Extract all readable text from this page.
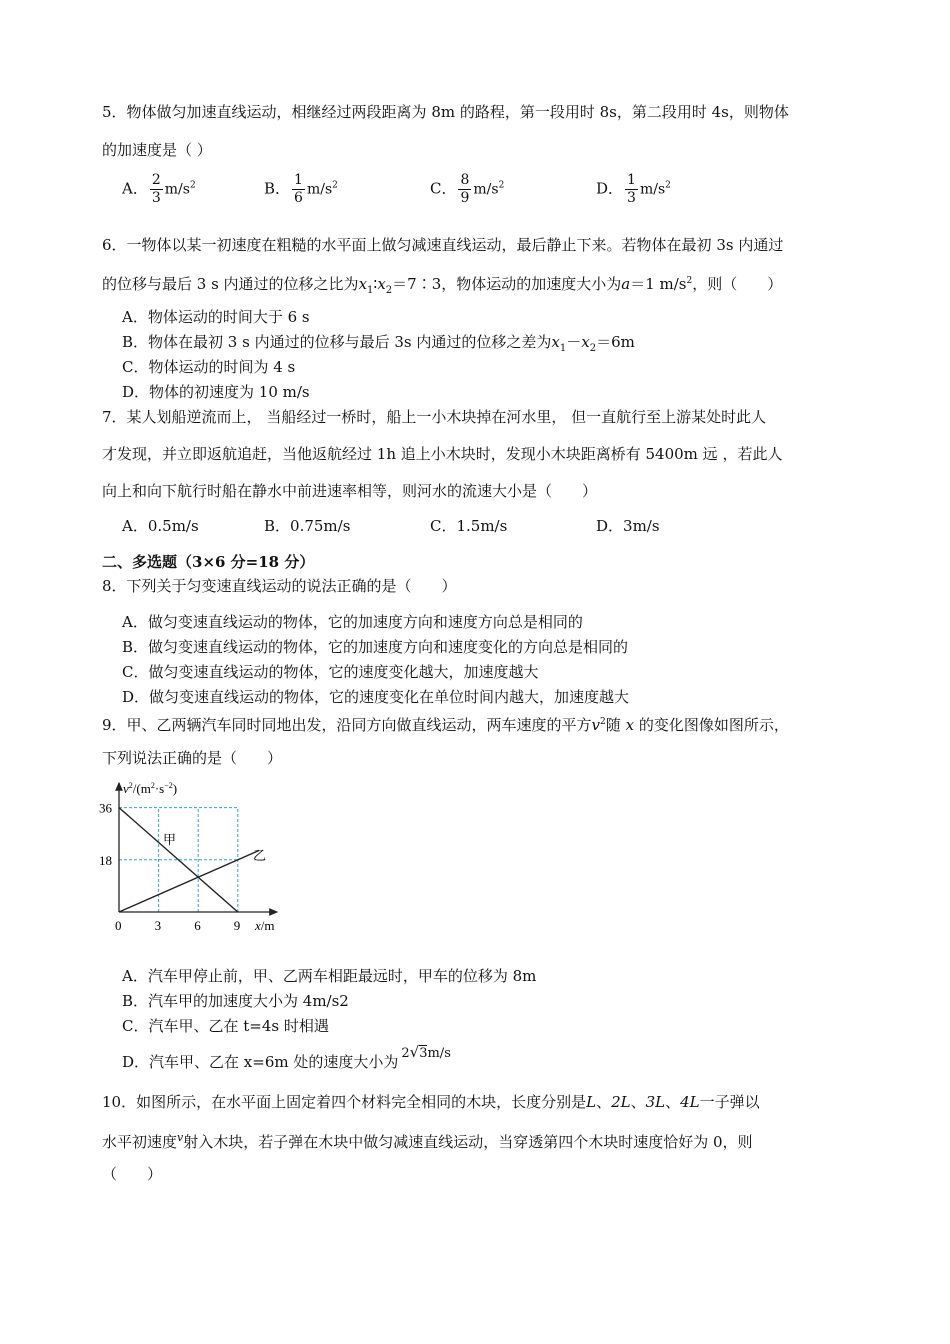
5．物体做匀加速直线运动，相继经过两段距离为 8m 的路程，第一段用时 8s，第二段用时 4s，则物体
的加速度是（ ）
A． $\frac{2}{3} m/s^2$	B． $\frac{1}{6} m/s^2$	C． $\frac{8}{9} m/s^2$	D． $\frac{1}{3} m/s^2$
6．一物体以某一初速度在粗糙的水平面上做匀减速直线运动，最后静止下来。若物体在最初 3s 内通过
的位移与最后 3 s 内通过的位移之比为$x_1∶x_2=7∶3$，物体运动的加速度大小为a＝1 $m/s^2$，则（　　）
A．物体运动的时间大于 6 s
B．物体在最初 3 s 内通过的位移与最后 3s 内通过的位移之差为$x_1-x_2=6m$
C．物体运动的时间为 4 s
D．物体的初速度为 10 m/s
7．某人划船逆流而上， 当船经过一桥时，船上一小木块掉在河水里， 但一直航行至上游某处时此人
才发现，并立即返航追赶，当他返航经过 1h 追上小木块时，发现小木块距离桥有 5400m 远 ，若此人
向上和向下航行时船在静水中前进速率相等，则河水的流速大小是（　　）
A．0.5m/s	B．0.75m/s	C．1.5m/s	D．3m/s
二、多选题（3×6 分=18 分）
8．下列关于匀变速直线运动的说法正确的是（　　）
A．做匀变速直线运动的物体，它的加速度方向和速度方向总是相同的
B．做匀变速直线运动的物体，它的加速度方向和速度变化的方向总是相同的
C．做匀变速直线运动的物体，它的速度变化越大，加速度越大
D．做匀变速直线运动的物体，它的速度变化在单位时间内越大，加速度越大
9．甲、乙两辆汽车同时同地出发，沿同方向做直线运动，两车速度的平方$v^2$随 x 的变化图像如图所示，
下列说法正确的是（　　）
0	3	6	9
36
18
$v^2/(m^2\cdot s^{-2})$
x/m
甲
乙
A．汽车甲停止前，甲、乙两车相距最远时，甲车的位移为 8m
B．汽车甲的加速度大小为 4m/s2
C．汽车甲、乙在 t=4s 时相遇
D．汽车甲、乙在 x=6m 处的速度大小为 2√3m/s
10．如图所示，在水平面上固定着四个材料完全相同的木块，长度分别是L、2L、3L、4L一子弹以
水平初速度$^v$射入木块，若子弹在木块中做匀减速直线运动，当穿透第四个木块时速度恰好为 0，则
（　　）
